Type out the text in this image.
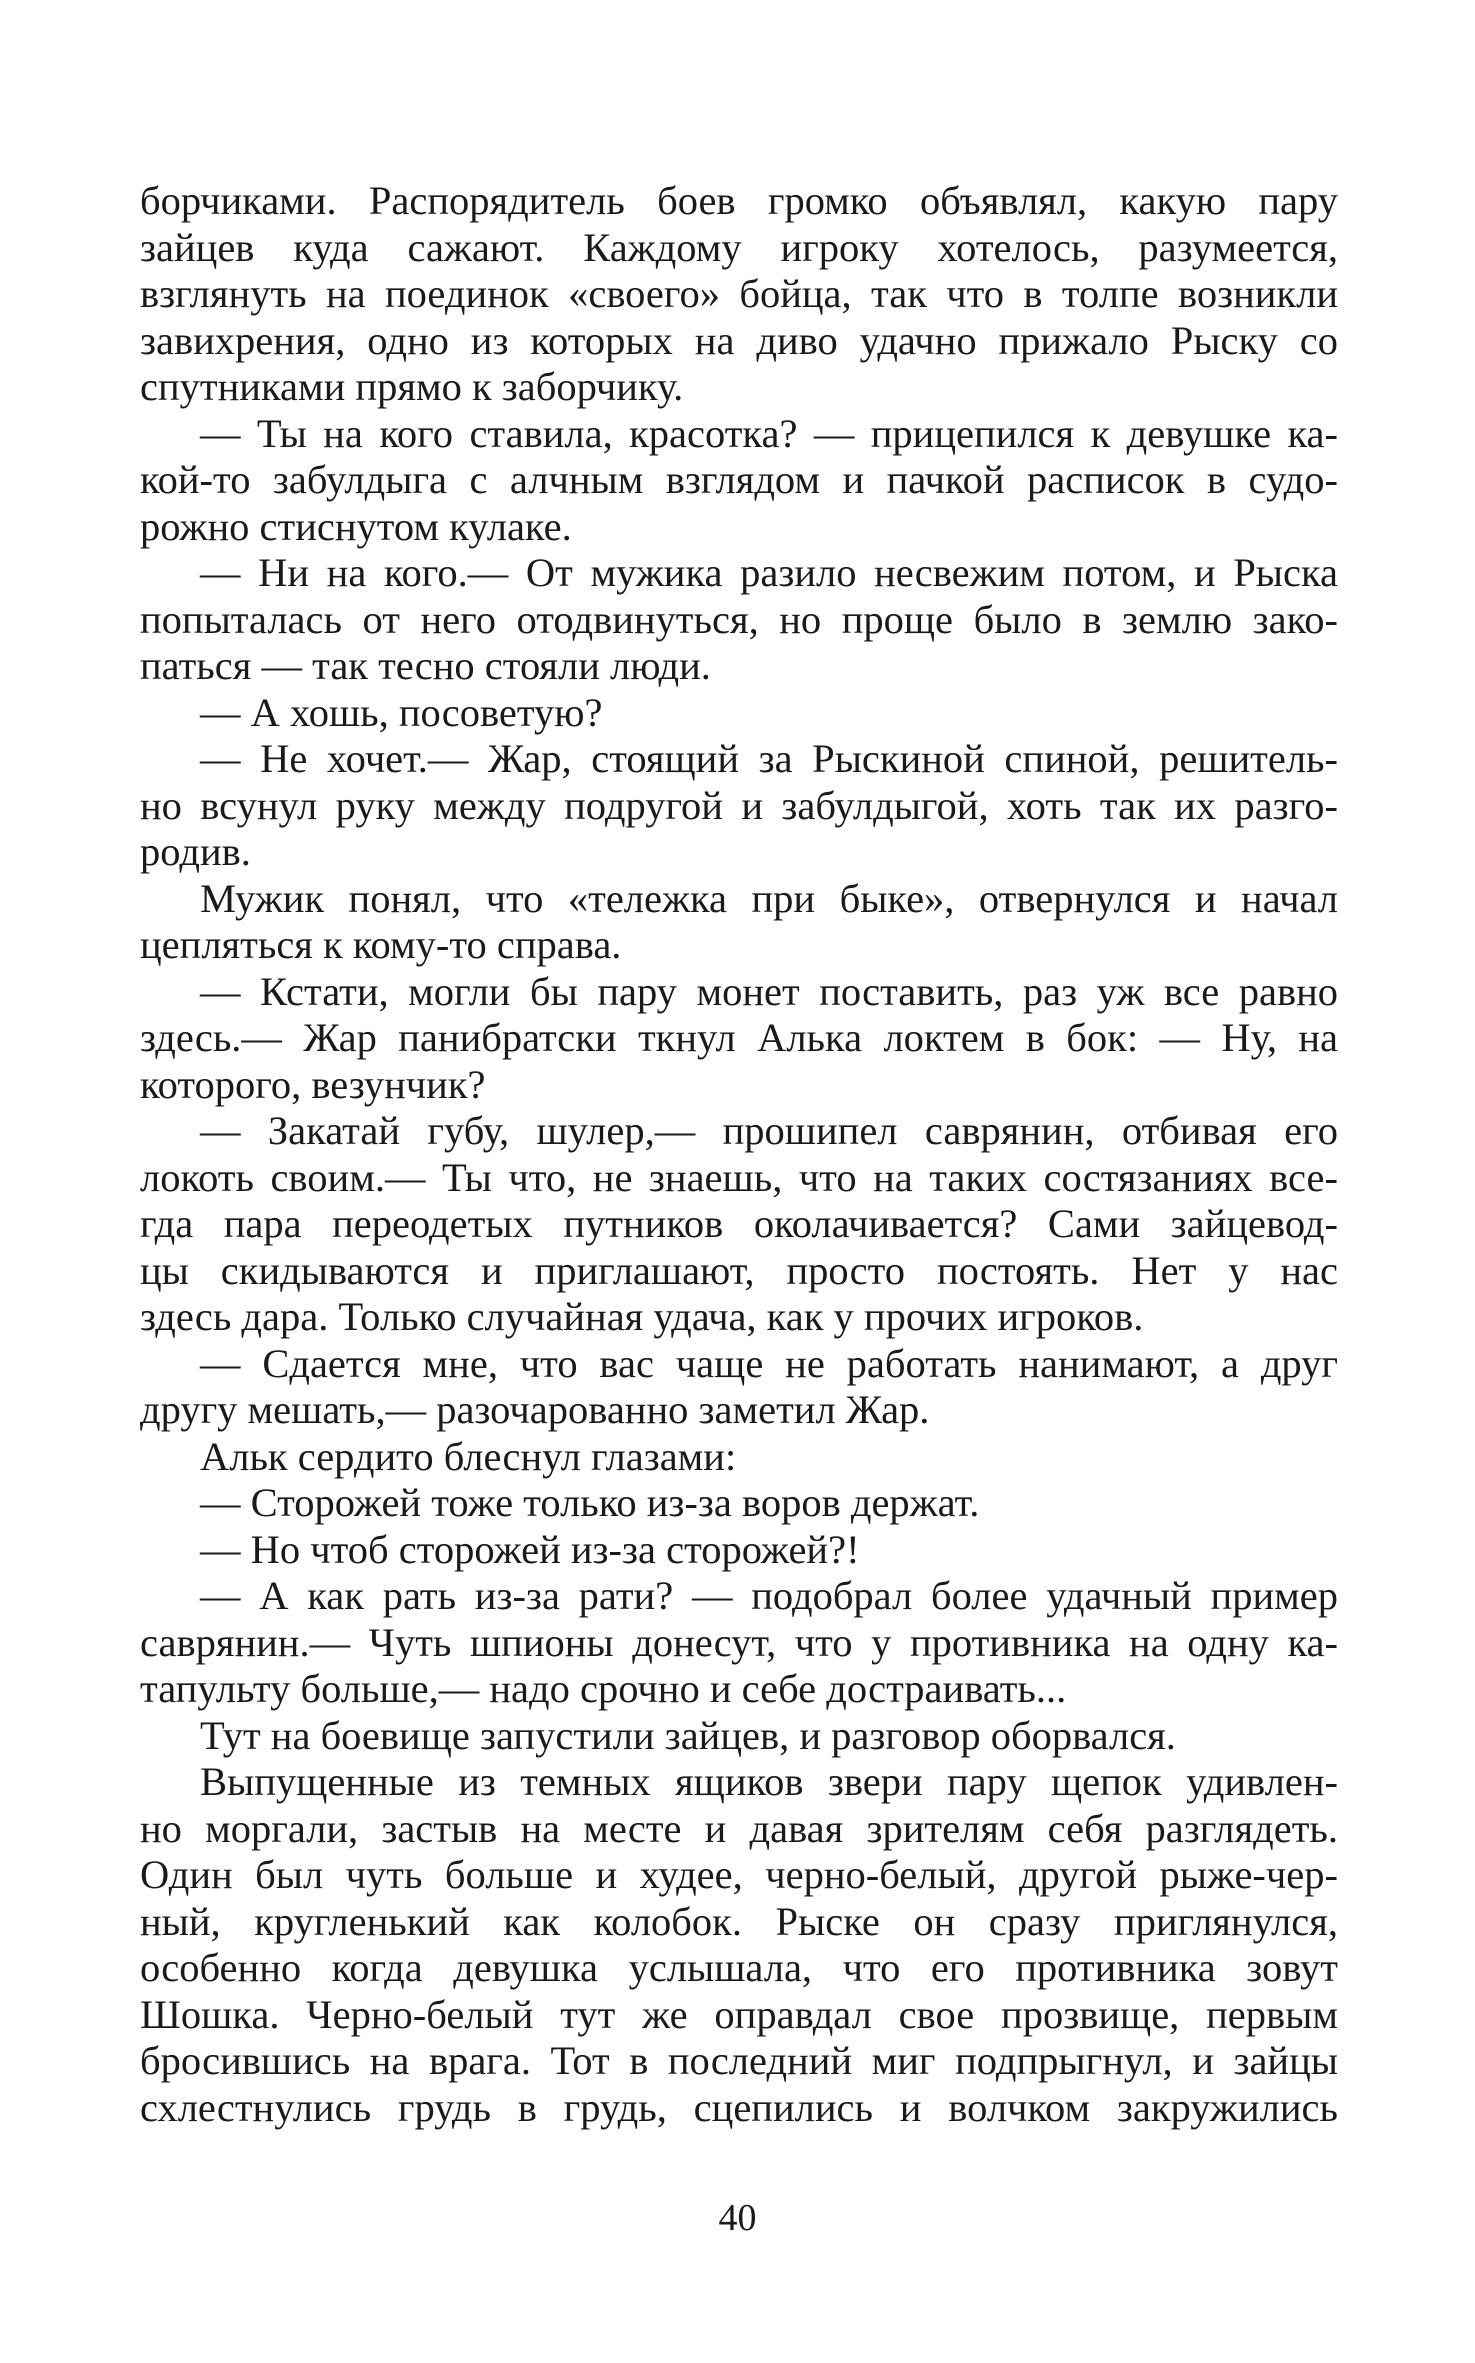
борчиками. Распорядитель боев громко объявлял, какую пару
зайцев куда сажают. Каждому игроку хотелось, разумеется,
взглянуть на поединок «своего» бойца, так что в толпе возникли
завихрения, одно из которых на диво удачно прижало Рыску со
спутниками прямо к заборчику.
— Ты на кого ставила, красотка? — прицепился к девушке ка-
кой-то забулдыга с алчным взглядом и пачкой расписок в судо-
рожно стиснутом кулаке.
— Ни на кого.— От мужика разило несвежим потом, и Рыска
попыталась от него отодвинуться, но проще было в землю зако-
паться — так тесно стояли люди.
— А хошь, посоветую?
— Не хочет.— Жар, стоящий за Рыскиной спиной, решитель-
но всунул руку между подругой и забулдыгой, хоть так их разго-
родив.
Мужик понял, что «тележка при быке», отвернулся и начал
цепляться к кому-то справа.
— Кстати, могли бы пару монет поставить, раз уж все равно
здесь.— Жар панибратски ткнул Алька локтем в бок: — Ну, на
которого, везунчик?
— Закатай губу, шулер,— прошипел саврянин, отбивая его
локоть своим.— Ты что, не знаешь, что на таких состязаниях все-
гда пара переодетых путников околачивается? Сами зайцевод-
цы скидываются и приглашают, просто постоять. Нет у нас
здесь дара. Только случайная удача, как у прочих игроков.
— Сдается мне, что вас чаще не работать нанимают, а друг
другу мешать,— разочарованно заметил Жар.
Альк сердито блеснул глазами:
— Сторожей тоже только из-за воров держат.
— Но чтоб сторожей из-за сторожей?!
— А как рать из-за рати? — подобрал более удачный пример
саврянин.— Чуть шпионы донесут, что у противника на одну ка-
тапульту больше,— надо срочно и себе достраивать...
Тут на боевище запустили зайцев, и разговор оборвался.
Выпущенные из темных ящиков звери пару щепок удивлен-
но моргали, застыв на месте и давая зрителям себя разглядеть.
Один был чуть больше и худее, черно-белый, другой рыже-чер-
ный, кругленький как колобок. Рыске он сразу приглянулся,
особенно когда девушка услышала, что его противника зовут
Шошка. Черно-белый тут же оправдал свое прозвище, первым
бросившись на врага. Тот в последний миг подпрыгнул, и зайцы
схлестнулись грудь в грудь, сцепились и волчком закружились
40
